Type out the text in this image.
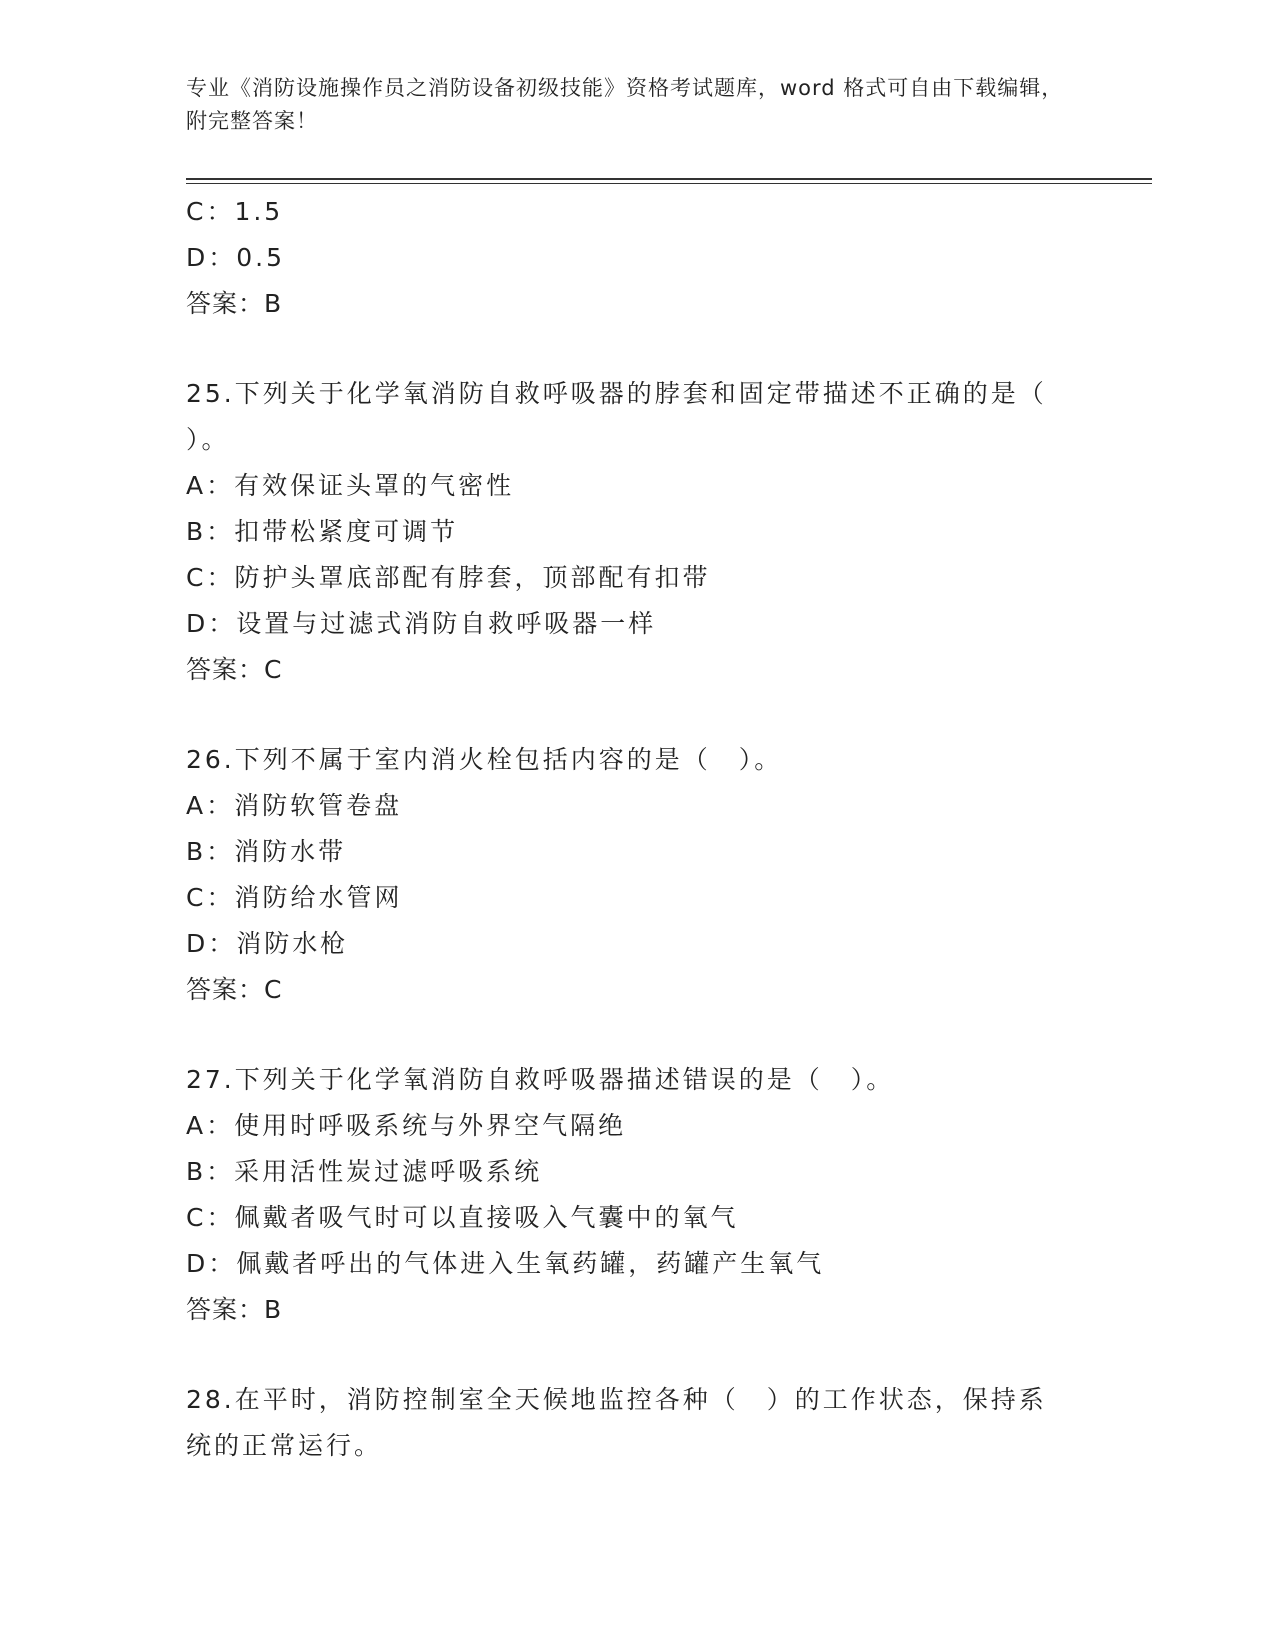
专业《消防设施操作员之消防设备初级技能》资格考试题库，word 格式可自由下载编辑，附完整答案！
C：1.5
D：0.5
答案：B
25.下列关于化学氧消防自救呼吸器的脖套和固定带描述不正确的是（ ）。
A：有效保证头罩的气密性
B：扣带松紧度可调节
C：防护头罩底部配有脖套，顶部配有扣带
D：设置与过滤式消防自救呼吸器一样
答案：C
26.下列不属于室内消火栓包括内容的是（　）。
A：消防软管卷盘
B：消防水带
C：消防给水管网
D：消防水枪
答案：C
27.下列关于化学氧消防自救呼吸器描述错误的是（　）。
A：使用时呼吸系统与外界空气隔绝
B：采用活性炭过滤呼吸系统
C：佩戴者吸气时可以直接吸入气囊中的氧气
D：佩戴者呼出的气体进入生氧药罐，药罐产生氧气
答案：B
28.在平时，消防控制室全天候地监控各种（　）的工作状态，保持系统的正常运行。
